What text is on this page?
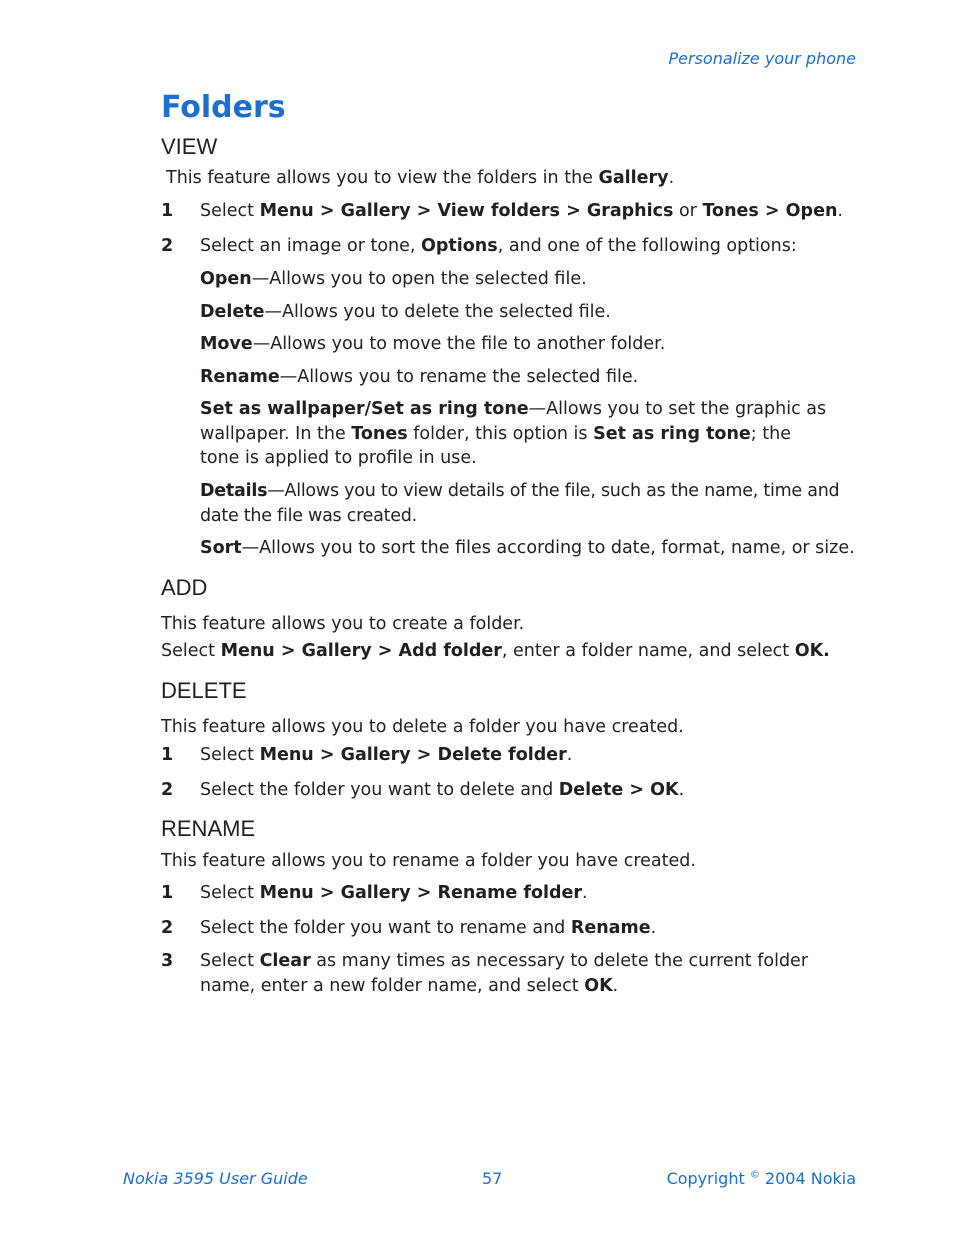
Personalize your phone
Folders
VIEW

This feature allows you to view the folders in the Gallery.

1 Select Menu > Gallery > View folders > Graphics or Tones > Open.

2 Select an image or tone, Options, and one of the following options:

Open—Allows you to open the selected file.

Delete—Allows you to delete the selected file.

Move—Allows you to move the file to another folder.

Rename—Allows you to rename the selected file.

Set as wallpaper/Set as ring tone—Allows you to set the graphic as wallpaper. In the Tones folder, this option is Set as ring tone; the tone is applied to profile in use.

Details—Allows you to view details of the file, such as the name, time and date the file was created.

Sort—Allows you to sort the files according to date, format, name, or size.

ADD

This feature allows you to create a folder.

Select Menu > Gallery > Add folder, enter a folder name, and select OK.

DELETE

This feature allows you to delete a folder you have created.

1 Select Menu > Gallery > Delete folder.

2 Select the folder you want to delete and Delete > OK.

RENAME

This feature allows you to rename a folder you have created.

1 Select Menu > Gallery > Rename folder.

2 Select the folder you want to rename and Rename.

3 Select Clear as many times as necessary to delete the current folder name, enter a new folder name, and select OK.

Nokia 3595 User Guide	57	Copyright © 2004 Nokia
